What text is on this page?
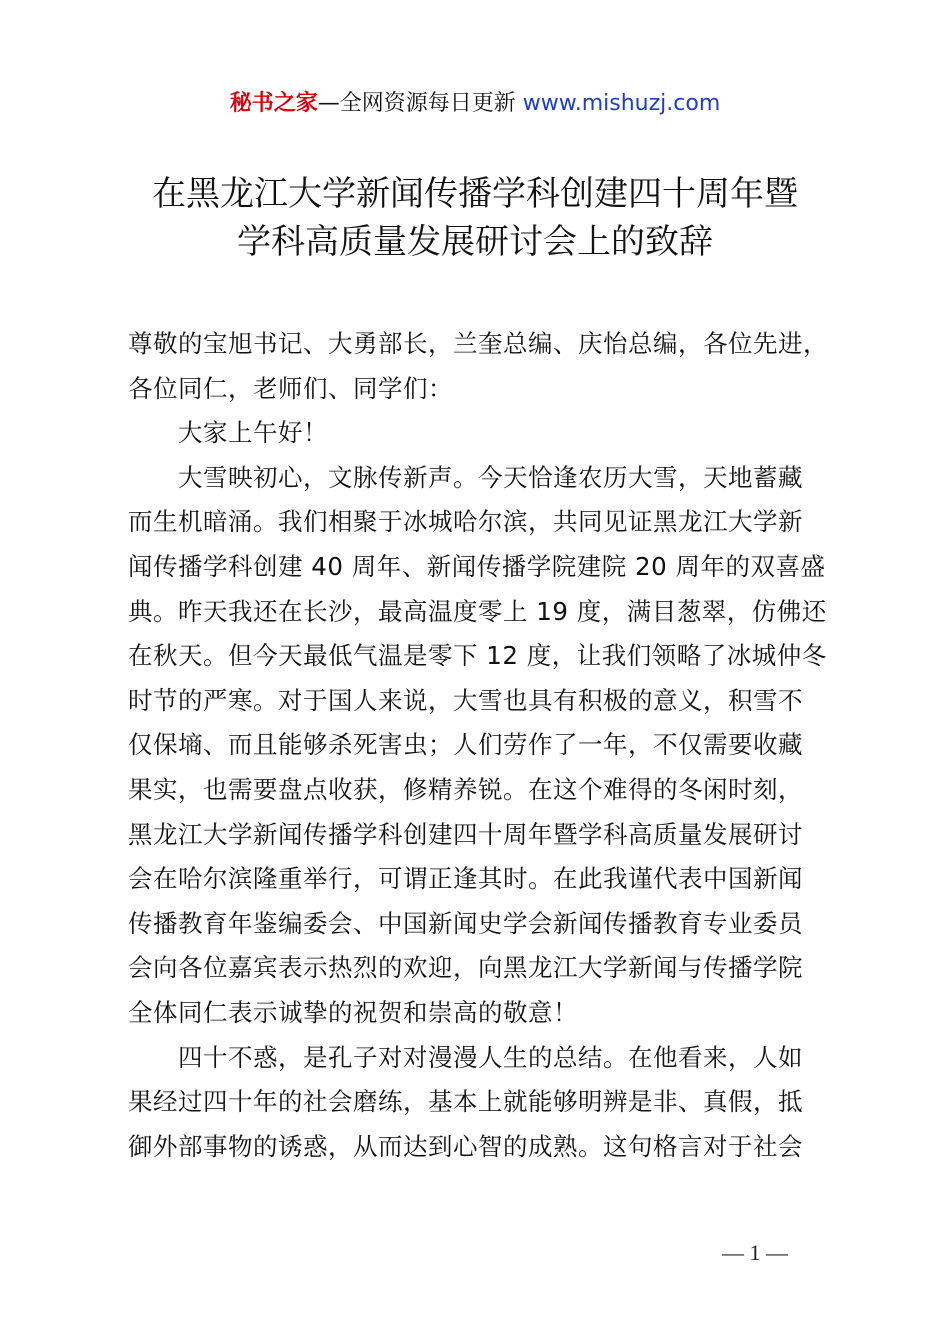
秘书之家—全网资源每日更新 www.mishuzj.com
在黑龙江大学新闻传播学科创建四十周年暨
学科高质量发展研讨会上的致辞
尊敬的宝旭书记、大勇部长，兰奎总编、庆怡总编，各位先进，
各位同仁，老师们、同学们：
大家上午好！
大雪映初心，文脉传新声。今天恰逢农历大雪，天地蓄藏
而生机暗涌。我们相聚于冰城哈尔滨，共同见证黑龙江大学新
闻传播学科创建 40 周年、新闻传播学院建院 20 周年的双喜盛
典。昨天我还在长沙，最高温度零上 19 度，满目葱翠，仿佛还
在秋天。但今天最低气温是零下 12 度，让我们领略了冰城仲冬
时节的严寒。对于国人来说，大雪也具有积极的意义，积雪不
仅保墒、而且能够杀死害虫；人们劳作了一年，不仅需要收藏
果实，也需要盘点收获，修精养锐。在这个难得的冬闲时刻，
黑龙江大学新闻传播学科创建四十周年暨学科高质量发展研讨
会在哈尔滨隆重举行，可谓正逢其时。在此我谨代表中国新闻
传播教育年鉴编委会、中国新闻史学会新闻传播教育专业委员
会向各位嘉宾表示热烈的欢迎，向黑龙江大学新闻与传播学院
全体同仁表示诚挚的祝贺和崇高的敬意！
四十不惑，是孔子对对漫漫人生的总结。在他看来，人如
果经过四十年的社会磨练，基本上就能够明辨是非、真假，抵
御外部事物的诱惑，从而达到心智的成熟。这句格言对于社会
— 1 —
